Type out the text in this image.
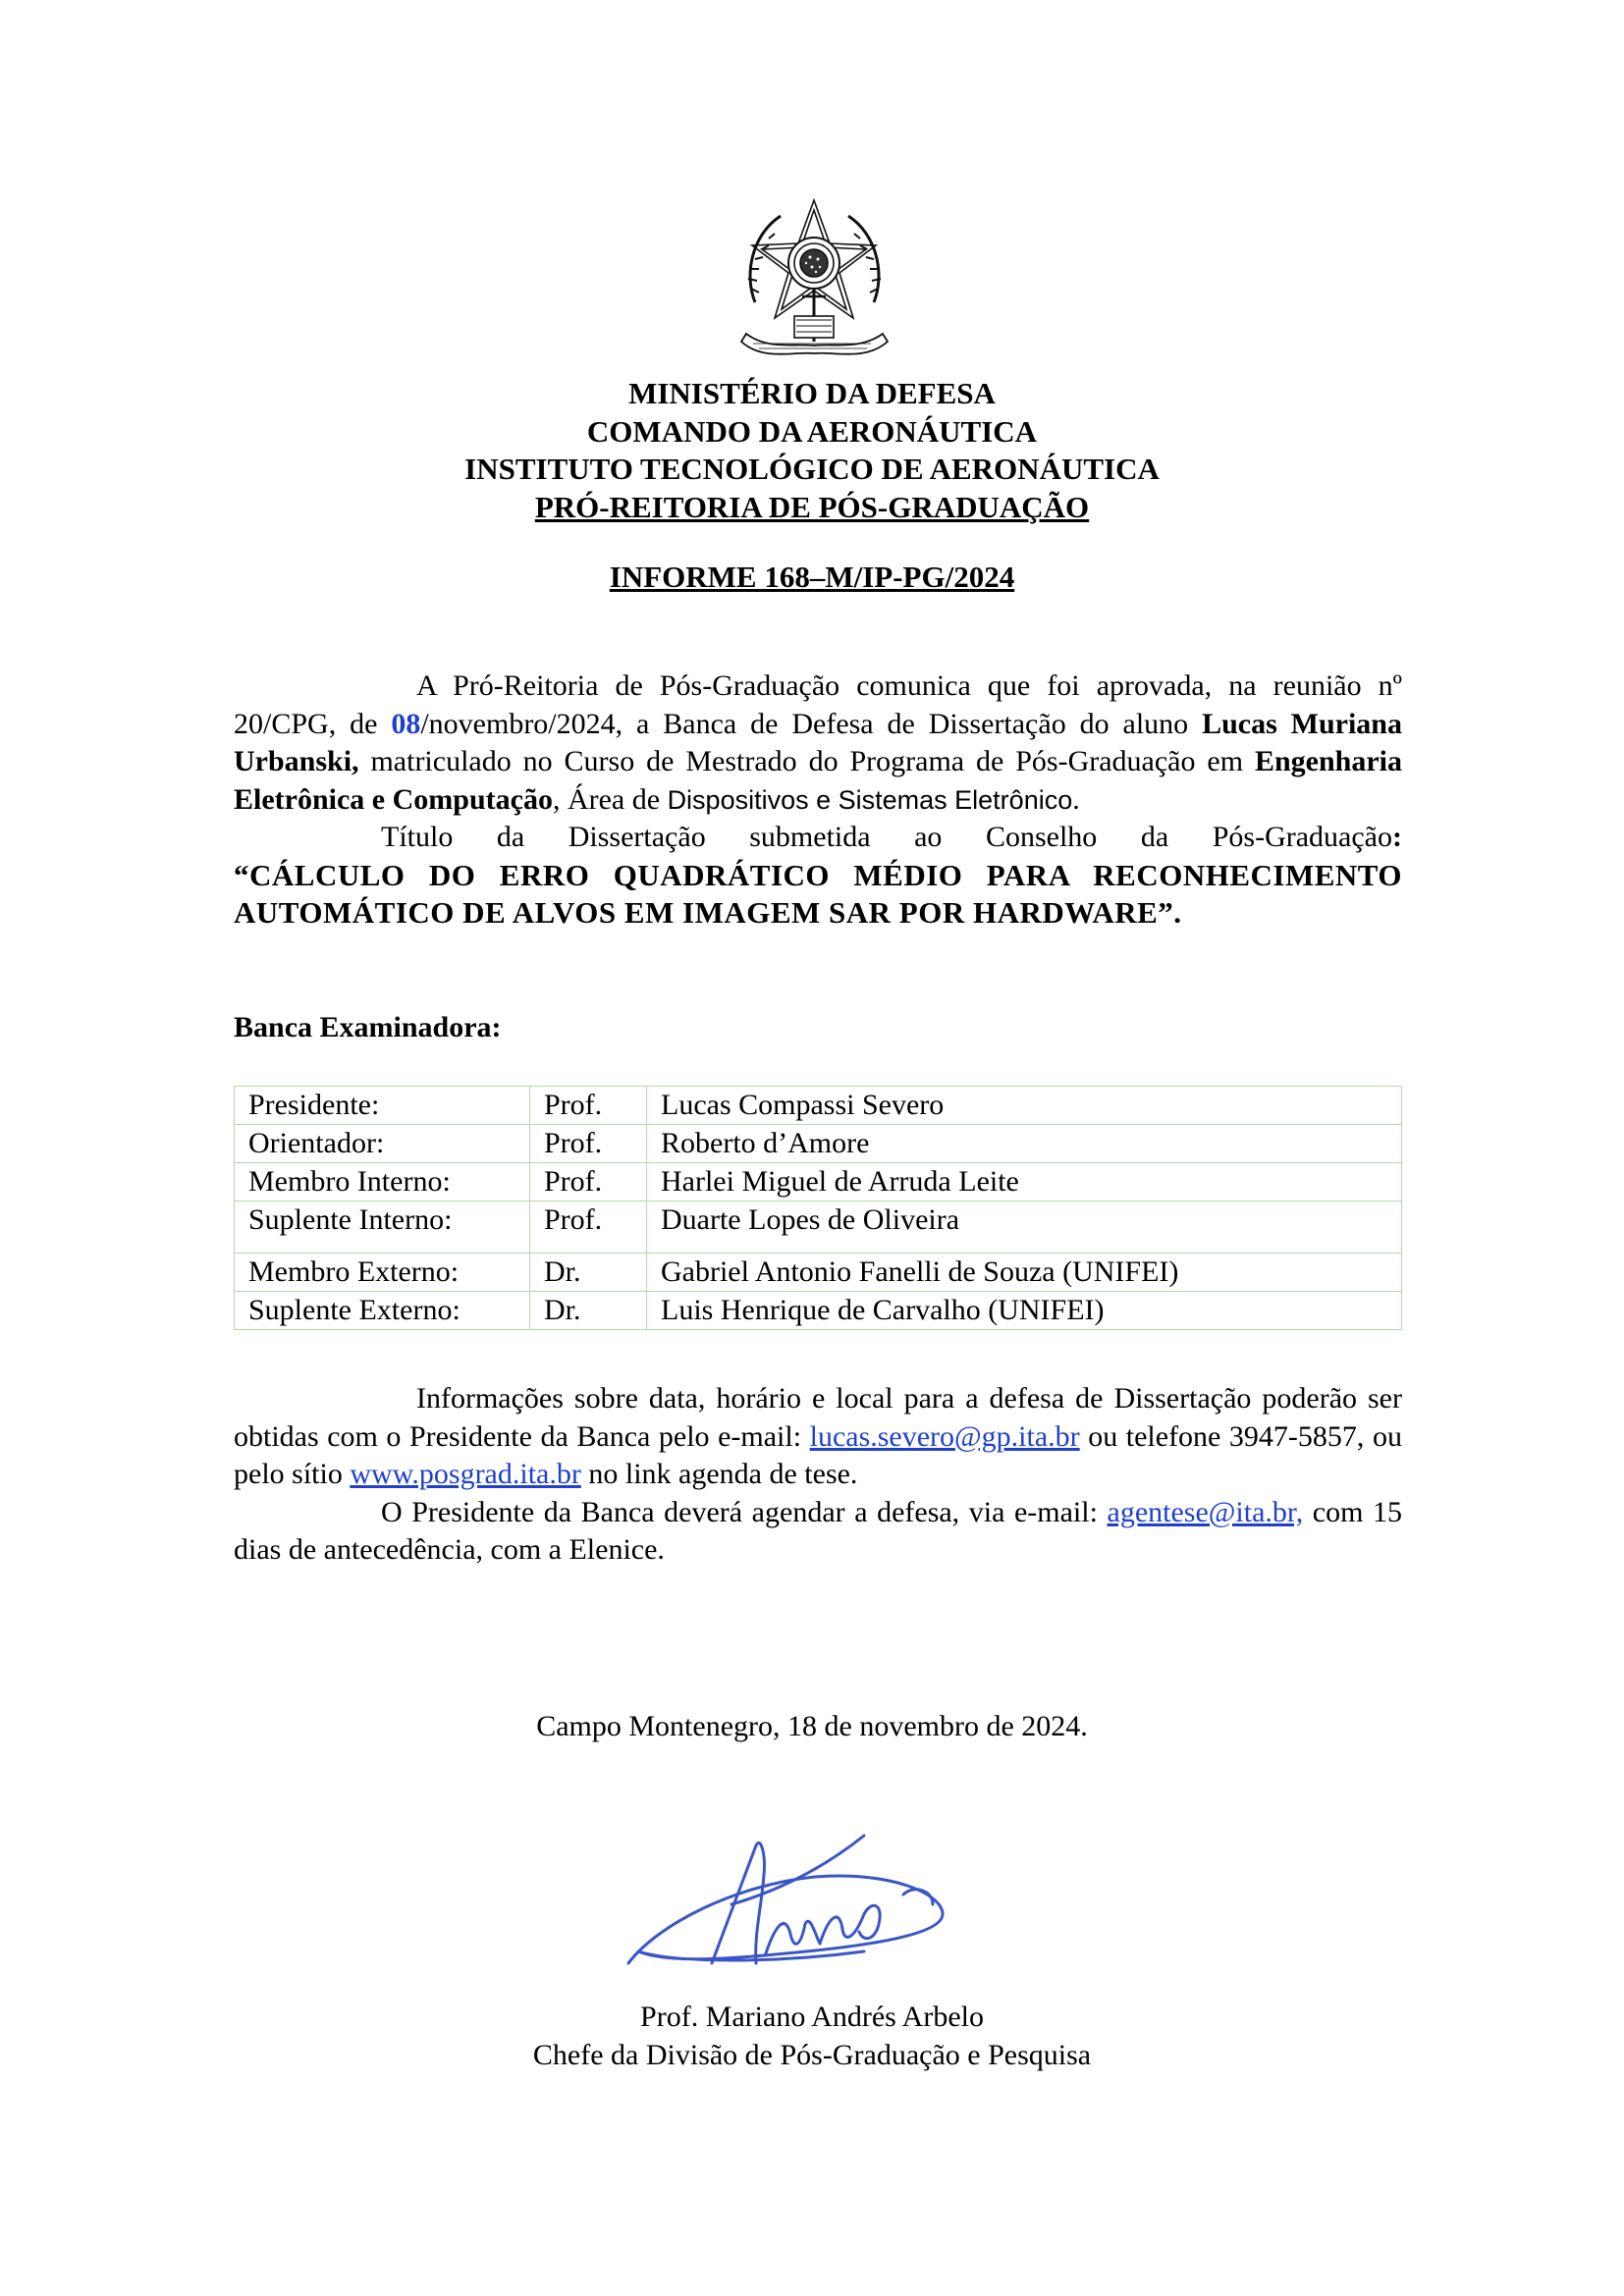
MINISTÉRIO DA DEFESA
COMANDO DA AERONÁUTICA
INSTITUTO TECNOLÓGICO DE AERONÁUTICA
PRÓ-REITORIA DE PÓS-GRADUAÇÃO
INFORME 168–M/IP-PG/2024

A Pró-Reitoria de Pós-Graduação comunica que foi aprovada, na reunião nº 20/CPG, de 08/novembro/2024, a Banca de Defesa de Dissertação do aluno Lucas Muriana Urbanski, matriculado no Curso de Mestrado do Programa de Pós-Graduação em Engenharia Eletrônica e Computação, Área de Dispositivos e Sistemas Eletrônico.

Título da Dissertação submetida ao Conselho da Pós-Graduação:

“CÁLCULO DO ERRO QUADRÁTICO MÉDIO PARA RECONHECIMENTO AUTOMÁTICO DE ALVOS EM IMAGEM SAR POR HARDWARE”.

Banca Examinadora:
Presidente:	Prof.	Lucas Compassi Severo
Orientador:	Prof.	Roberto d’Amore
Membro Interno:	Prof.	Harlei Miguel de Arruda Leite
Suplente Interno:	Prof.	Duarte Lopes de Oliveira
Membro Externo:	Dr.	Gabriel Antonio Fanelli de Souza (UNIFEI)
Suplente Externo:	Dr.	Luis Henrique de Carvalho (UNIFEI)

Informações sobre data, horário e local para a defesa de Dissertação poderão ser obtidas com o Presidente da Banca pelo e-mail: lucas.severo@gp.ita.br ou telefone 3947-5857, ou pelo sítio www.posgrad.ita.br no link agenda de tese.

O Presidente da Banca deverá agendar a defesa, via e-mail: agentese@ita.br, com 15 dias de antecedência, com a Elenice.

Campo Montenegro, 18 de novembro de 2024.
Prof. Mariano Andrés Arbelo
Chefe da Divisão de Pós-Graduação e Pesquisa
